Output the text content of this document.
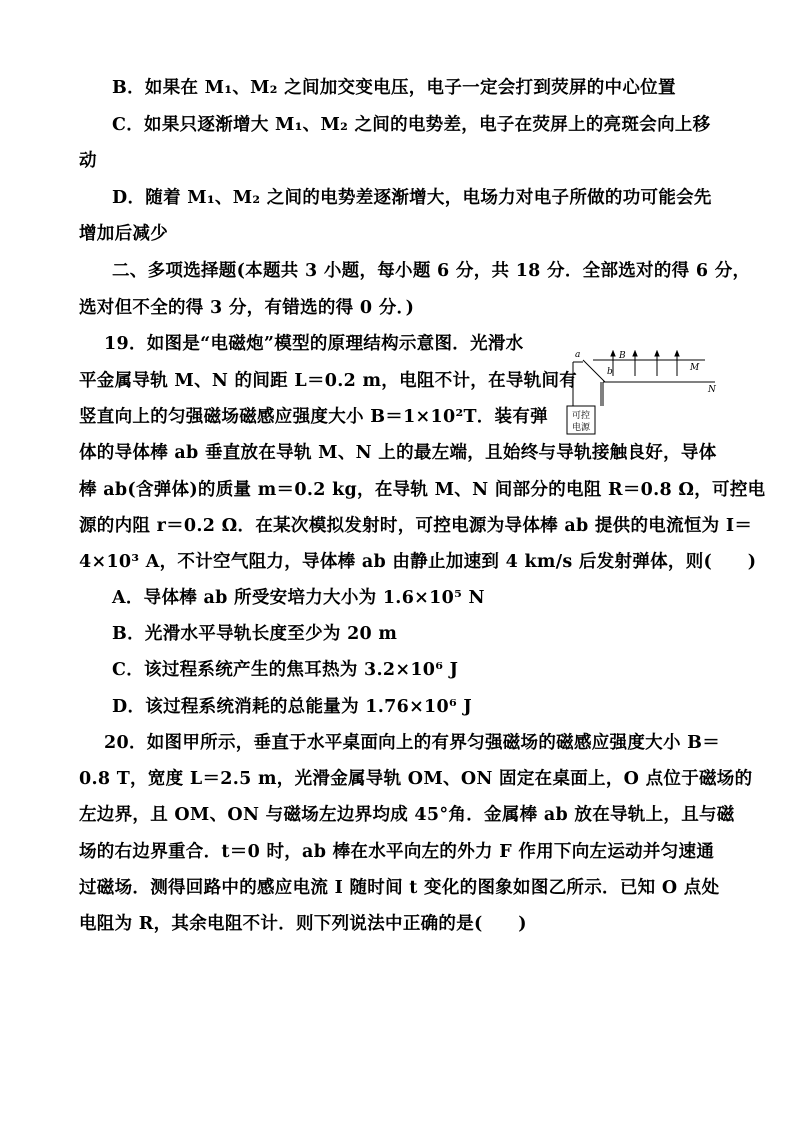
B．如果在 M₁、M₂ 之间加交变电压，电子一定会打到荧屏的中心位置
C．如果只逐渐增大 M₁、M₂ 之间的电势差，电子在荧屏上的亮斑会向上移
动
D．随着 M₁、M₂ 之间的电势差逐渐增大，电场力对电子所做的功可能会先
增加后减少
二、多项选择题(本题共 3 小题，每小题 6 分，共 18 分．全部选对的得 6 分，
选对但不全的得 3 分，有错选的得 0 分．)
19．如图是“电磁炮”模型的原理结构示意图．光滑水
平金属导轨 M、N 的间距 L＝0.2 m，电阻不计，在导轨间有
竖直向上的匀强磁场磁感应强度大小 B＝1×10²T．装有弹
体的导体棒 ab 垂直放在导轨 M、N 上的最左端，且始终与导轨接触良好，导体
棒 ab(含弹体)的质量 m＝0.2 kg，在导轨 M、N 间部分的电阻 R＝0.8 Ω，可控电
源的内阻 r＝0.2 Ω．在某次模拟发射时，可控电源为导体棒 ab 提供的电流恒为 I＝
4×10³ A，不计空气阻力，导体棒 ab 由静止加速到 4 km/s 后发射弹体，则(　　)
A．导体棒 ab 所受安培力大小为 1.6×10⁵ N
B．光滑水平导轨长度至少为 20 m
C．该过程系统产生的焦耳热为 3.2×10⁶ J
D．该过程系统消耗的总能量为 1.76×10⁶ J
可控
电源
a
b
B
M
N
20．如图甲所示，垂直于水平桌面向上的有界匀强磁场的磁感应强度大小 B＝
0.8 T，宽度 L＝2.5 m，光滑金属导轨 OM、ON 固定在桌面上，O 点位于磁场的
左边界，且 OM、ON 与磁场左边界均成 45°角．金属棒 ab 放在导轨上，且与磁
场的右边界重合．t＝0 时，ab 棒在水平向左的外力 F 作用下向左运动并匀速通
过磁场．测得回路中的感应电流 I 随时间 t 变化的图象如图乙所示．已知 O 点处
电阻为 R，其余电阻不计．则下列说法中正确的是(　　)
